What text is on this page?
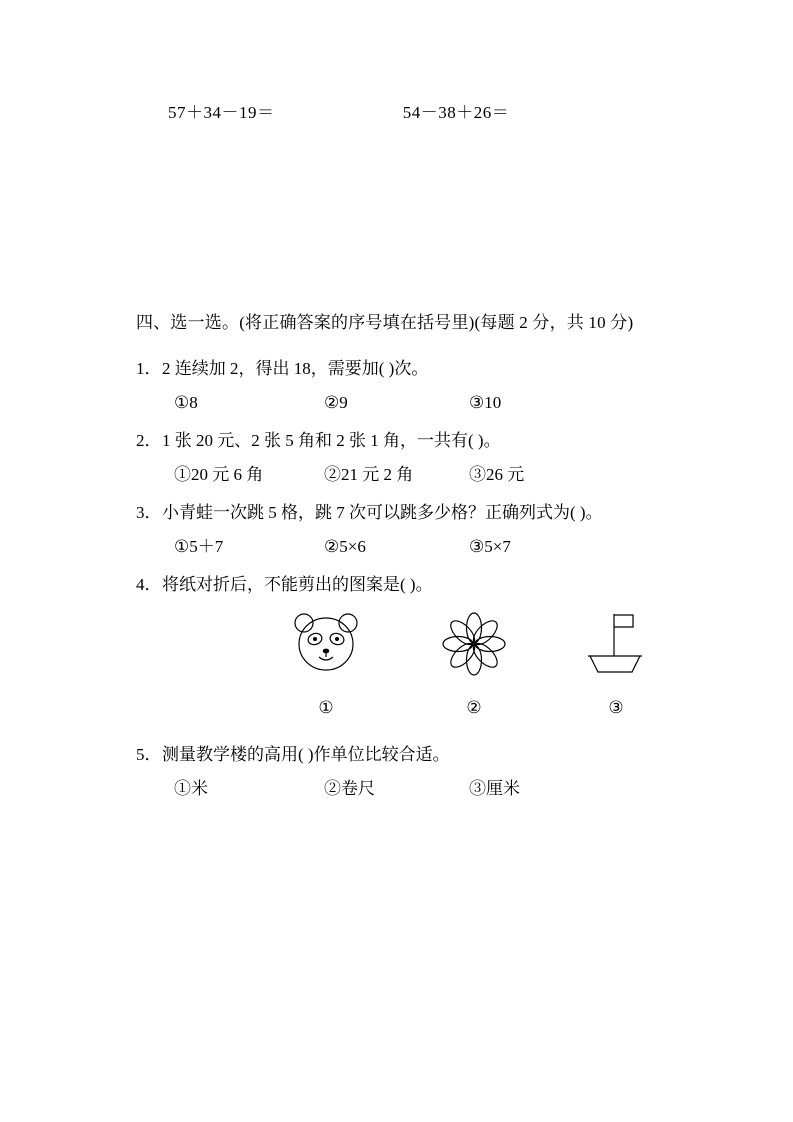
57＋34－19＝	54－38＋26＝
四、选一选。(将正确答案的序号填在括号里)(每题 2 分，共 10 分)
1．2 连续加 2，得出 18，需要加( )次。
①8	②9	③10
2．1 张 20 元、2 张 5 角和 2 张 1 角，一共有( )。
①20 元 6 角	②21 元 2 角	③26 元
3．小青蛙一次跳 5 格，跳 7 次可以跳多少格？正确列式为( )。
①5＋7	②5×6	③5×7
4．将纸对折后，不能剪出的图案是( )。
①	②	③
5．测量教学楼的高用( )作单位比较合适。
①米	②卷尺	③厘米
